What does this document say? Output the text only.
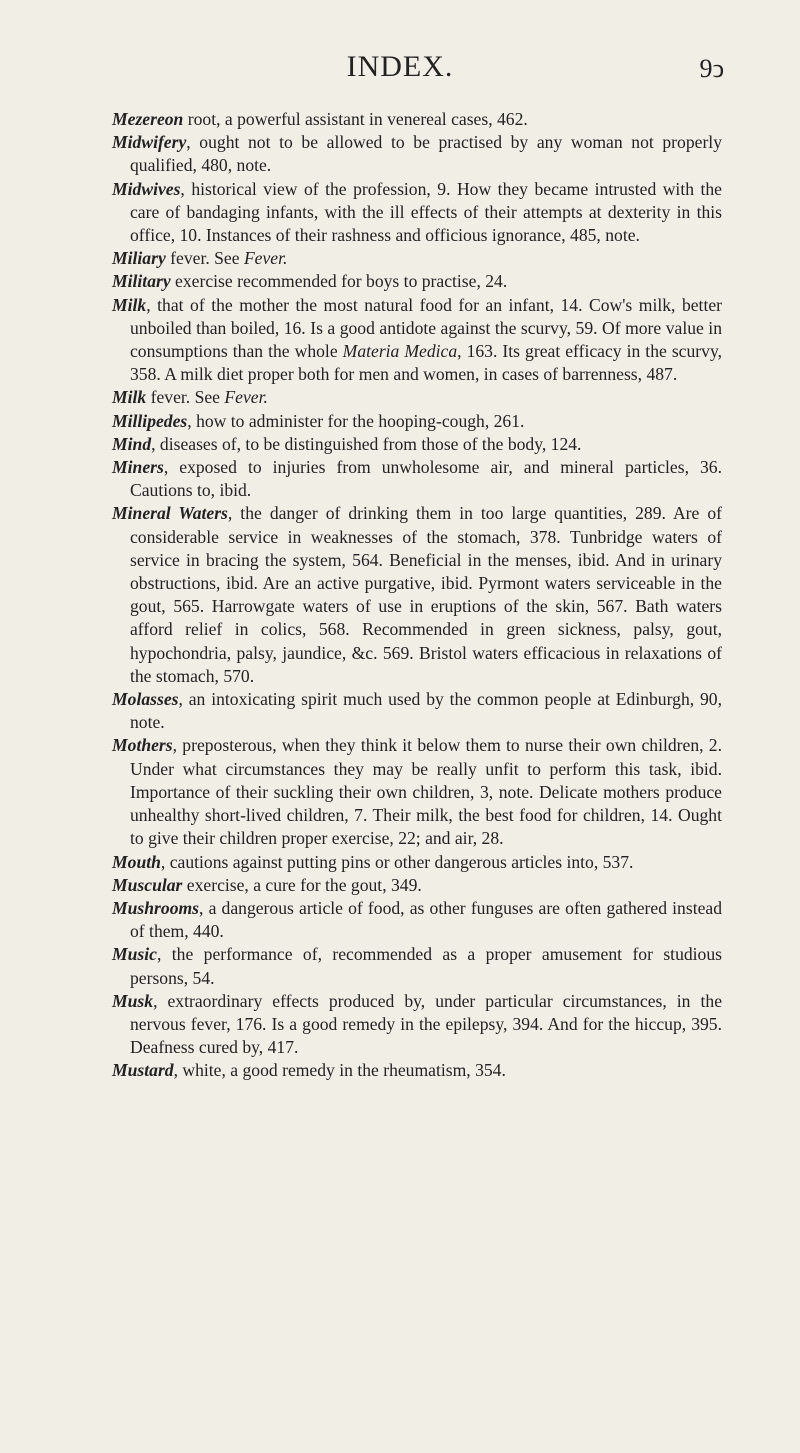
INDEX.	9ↄ
Mezereon root, a powerful assistant in venereal cases, 462.
Midwifery, ought not to be allowed to be practised by any woman not properly qualified, 480, note.
Midwives, historical view of the profession, 9. How they became intrusted with the care of bandaging infants, with the ill effects of their attempts at dexterity in this office, 10. Instances of their rashness and officious ignorance, 485, note.
Miliary fever. See Fever.
Military exercise recommended for boys to practise, 24.
Milk, that of the mother the most natural food for an infant, 14. Cow's milk, better unboiled than boiled, 16. Is a good antidote against the scurvy, 59. Of more value in consumptions than the whole Materia Medica, 163. Its great efficacy in the scurvy, 358. A milk diet proper both for men and women, in cases of barrenness, 487.
Milk fever. See Fever.
Millipedes, how to administer for the hooping-cough, 261.
Mind, diseases of, to be distinguished from those of the body, 124.
Miners, exposed to injuries from unwholesome air, and mineral particles, 36. Cautions to, ibid.
Mineral Waters, the danger of drinking them in too large quantities, 289. Are of considerable service in weaknesses of the stomach, 378. Tunbridge waters of service in bracing the system, 564. Beneficial in the menses, ibid. And in urinary obstructions, ibid. Are an active purgative, ibid. Pyrmont waters serviceable in the gout, 565. Harrowgate waters of use in eruptions of the skin, 567. Bath waters afford relief in colics, 568. Recommended in green sickness, palsy, gout, hypochondria, palsy, jaundice, &c. 569. Bristol waters efficacious in relaxations of the stomach, 570.
Molasses, an intoxicating spirit much used by the common people at Edinburgh, 90, note.
Mothers, preposterous, when they think it below them to nurse their own children, 2. Under what circumstances they may be really unfit to perform this task, ibid. Importance of their suckling their own children, 3, note. Delicate mothers produce unhealthy short-lived children, 7. Their milk, the best food for children, 14. Ought to give their children proper exercise, 22; and air, 28.
Mouth, cautions against putting pins or other dangerous articles into, 537.
Muscular exercise, a cure for the gout, 349.
Mushrooms, a dangerous article of food, as other funguses are often gathered instead of them, 440.
Music, the performance of, recommended as a proper amusement for studious persons, 54.
Musk, extraordinary effects produced by, under particular circumstances, in the nervous fever, 176. Is a good remedy in the epilepsy, 394. And for the hiccup, 395. Deafness cured by, 417.
Mustard, white, a good remedy in the rheumatism, 354.
